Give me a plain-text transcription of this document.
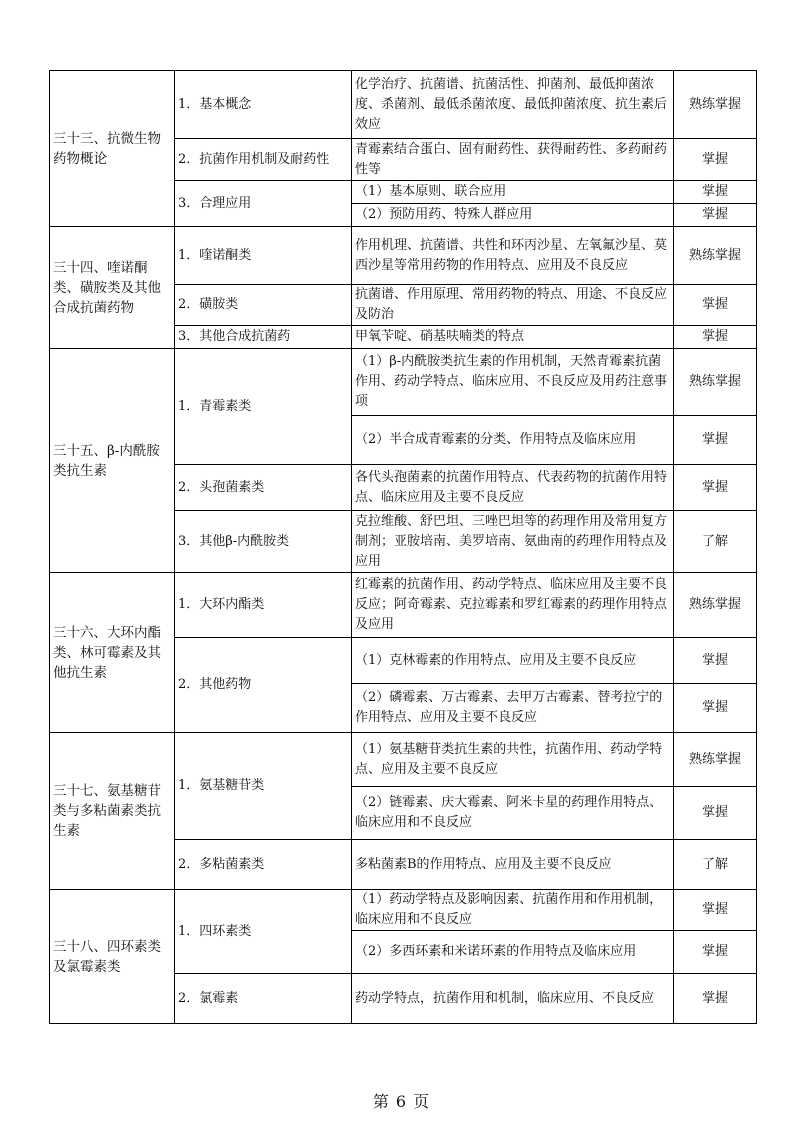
三十三、抗微生物药物概论	1．基本概念	化学治疗、抗菌谱、抗菌活性、抑菌剂、最低抑菌浓度、杀菌剂、最低杀菌浓度、最低抑菌浓度、抗生素后效应	熟练掌握
	2．抗菌作用机制及耐药性	青霉素结合蛋白、固有耐药性、获得耐药性、多药耐药性等	掌握
	3．合理应用	（1）基本原则、联合应用	掌握
		（2）预防用药、特殊人群应用	掌握
三十四、喹诺酮类、磺胺类及其他合成抗菌药物	1．喹诺酮类	作用机理、抗菌谱、共性和环丙沙星、左氧氟沙星、莫西沙星等常用药物的作用特点、应用及不良反应	熟练掌握
	2．磺胺类	抗菌谱、作用原理、常用药物的特点、用途、不良反应及防治	掌握
	3．其他合成抗菌药	甲氧苄啶、硝基呋喃类的特点	掌握
三十五、β-内酰胺类抗生素	1．青霉素类	（1）β-内酰胺类抗生素的作用机制，天然青霉素抗菌作用、药动学特点、临床应用、不良反应及用药注意事项	熟练掌握
		（2）半合成青霉素的分类、作用特点及临床应用	掌握
	2．头孢菌素类	各代头孢菌素的抗菌作用特点、代表药物的抗菌作用特点、临床应用及主要不良反应	掌握
	3．其他β-内酰胺类	克拉维酸、舒巴坦、三唑巴坦等的药理作用及常用复方制剂；亚胺培南、美罗培南、氨曲南的药理作用特点及应用	了解
三十六、大环内酯类、林可霉素及其他抗生素	1．大环内酯类	红霉素的抗菌作用、药动学特点、临床应用及主要不良反应；阿奇霉素、克拉霉素和罗红霉素的药理作用特点及应用	熟练掌握
	2．其他药物	（1）克林霉素的作用特点、应用及主要不良反应	掌握
		（2）磷霉素、万古霉素、去甲万古霉素、替考拉宁的作用特点、应用及主要不良反应	掌握
三十七、氨基糖苷类与多粘菌素类抗生素	1．氨基糖苷类	（1）氨基糖苷类抗生素的共性，抗菌作用、药动学特点、应用及主要不良反应	熟练掌握
		（2）链霉素、庆大霉素、阿米卡星的药理作用特点、临床应用和不良反应	掌握
	2．多粘菌素类	多粘菌素B的作用特点、应用及主要不良反应	了解
三十八、四环素类及氯霉素类	1．四环素类	（1）药动学特点及影响因素、抗菌作用和作用机制，临床应用和不良反应	掌握
		（2）多西环素和米诺环素的作用特点及临床应用	掌握
	2．氯霉素	药动学特点，抗菌作用和机制，临床应用、不良反应	掌握
第 6 页
